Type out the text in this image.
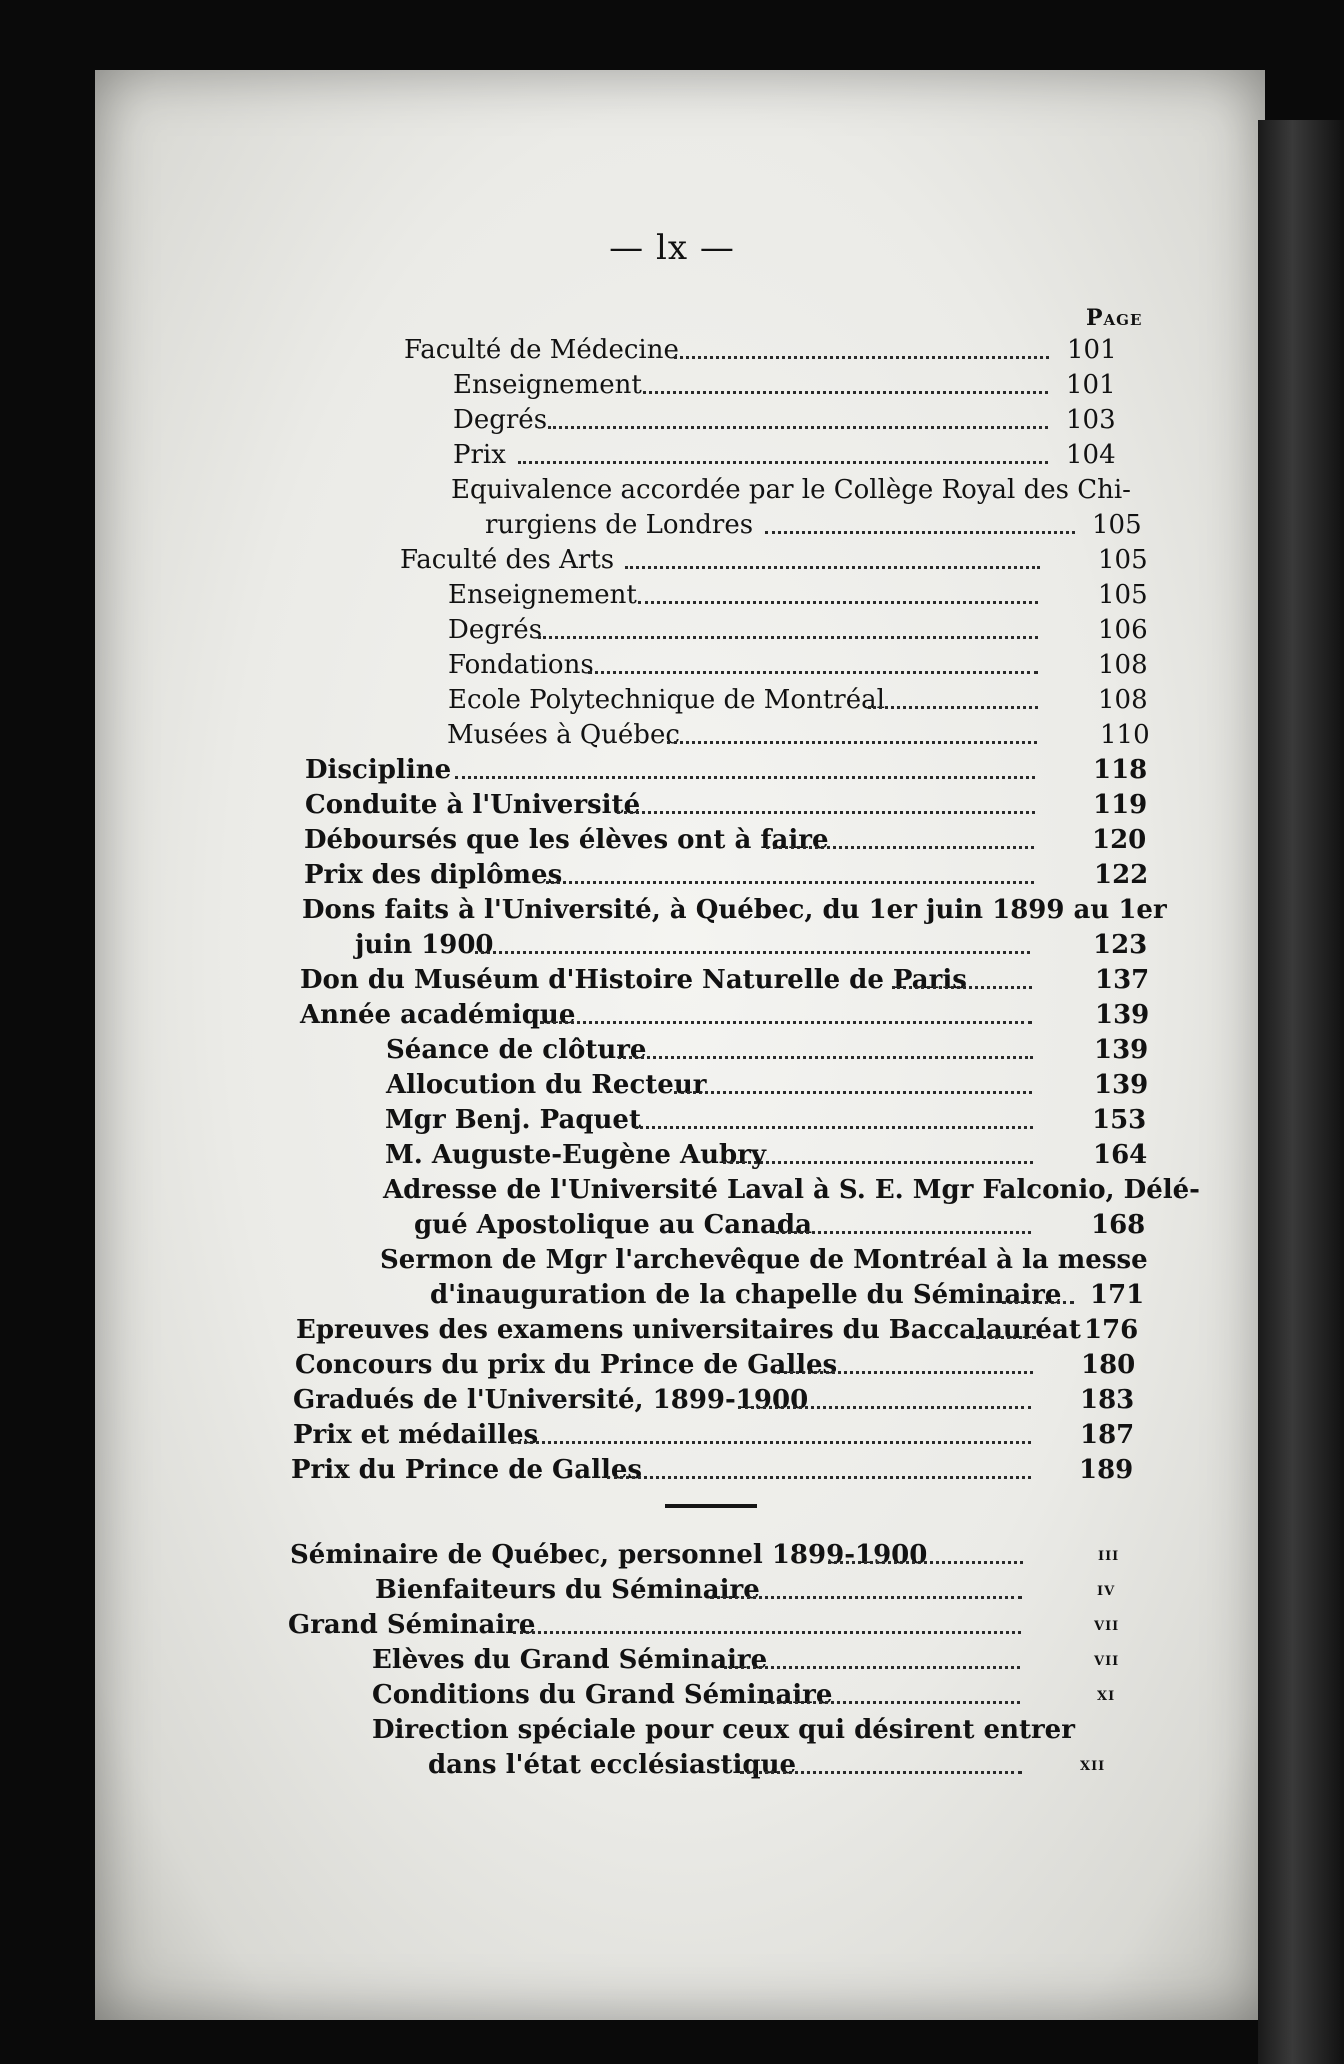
— lx —
Page
Faculté de Médecine	101
Enseignement	101
Degrés	103
Prix	104
Equivalence accordée par le Collège Royal des Chi-
rurgiens de Londres	105
Faculté des Arts	105
Enseignement	105
Degrés	106
Fondations	108
Ecole Polytechnique de Montréal	108
Musées à Québec	110
Discipline	118
Conduite à l'Université	119
Déboursés que les élèves ont à faire	120
Prix des diplômes	122
Dons faits à l'Université, à Québec, du 1er juin 1899 au 1er
juin 1900	123
Don du Muséum d'Histoire Naturelle de Paris	137
Année académique	139
Séance de clôture	139
Allocution du Recteur	139
Mgr Benj. Paquet	153
M. Auguste-Eugène Aubry	164
Adresse de l'Université Laval à S. E. Mgr Falconio, Délé-
gué Apostolique au Canada	168
Sermon de Mgr l'archevêque de Montréal à la messe
d'inauguration de la chapelle du Séminaire 171
Epreuves des examens universitaires du Baccalauréat 176
Concours du prix du Prince de Galles	180
Gradués de l'Université, 1899-1900	183
Prix et médailles	187
Prix du Prince de Galles	189
Séminaire de Québec, personnel 1899-1900	iii
Bienfaiteurs du Séminaire	iv
Grand Séminaire	vii
Elèves du Grand Séminaire	vii
Conditions du Grand Séminaire	xi
Direction spéciale pour ceux qui désirent entrer
dans l'état ecclésiastique	xii
